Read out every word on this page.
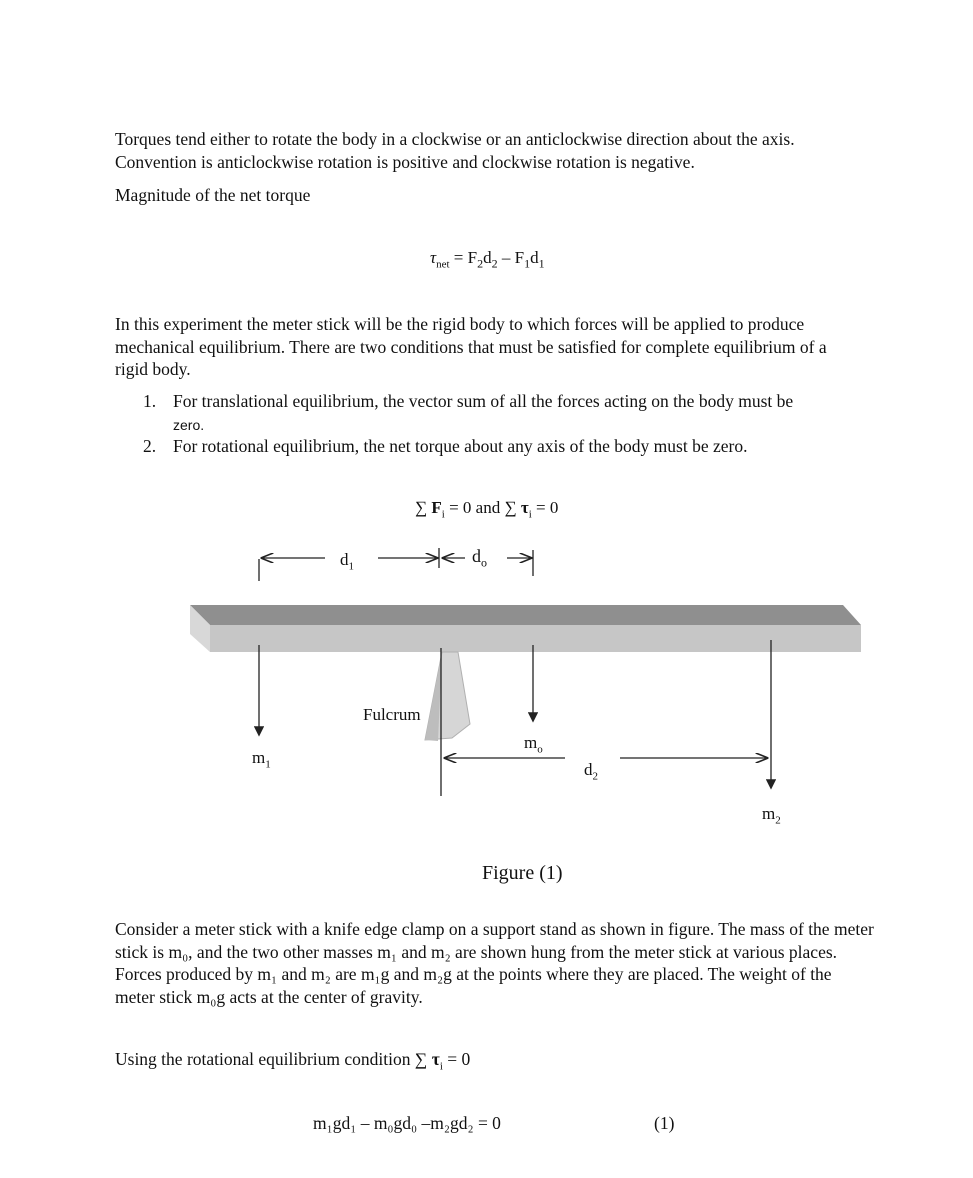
Torques tend either to rotate the body in a clockwise or an anticlockwise direction about the axis.
Convention is anticlockwise rotation is positive and clockwise rotation is negative.

Magnitude of the net torque

$\tau_{net} = F_2d_2 - F_1d_1$

In this experiment the meter stick will be the rigid body to which forces will be applied to produce mechanical equilibrium. There are two conditions that must be satisfied for complete equilibrium of a rigid body.

1. For translational equilibrium, the vector sum of all the forces acting on the body must be
zero.
2. For rotational equilibrium, the net torque about any axis of the body must be zero.
∑ $F_i = 0$ and ∑ $\tau_i = 0$
$d_1$
$d_o$
Fulcrum
$m_1$
$m_o$
$d_2$
$m_2$
Figure (1)

Consider a meter stick with a knife edge clamp on a support stand as shown in figure. The mass of the meter stick is m₀, and the two other masses m₁ and m₂ are shown hung from the meter stick at various places. Forces produced by m₁ and m₂ are m₁g and m₂g at the points where they are placed. The weight of the meter stick m₀g acts at the center of gravity.

Using the rotational equilibrium condition ∑ $\tau_i = 0$
m₁gd₁ – m₀gd₀ –m₂gd₂ = 0	(1)
